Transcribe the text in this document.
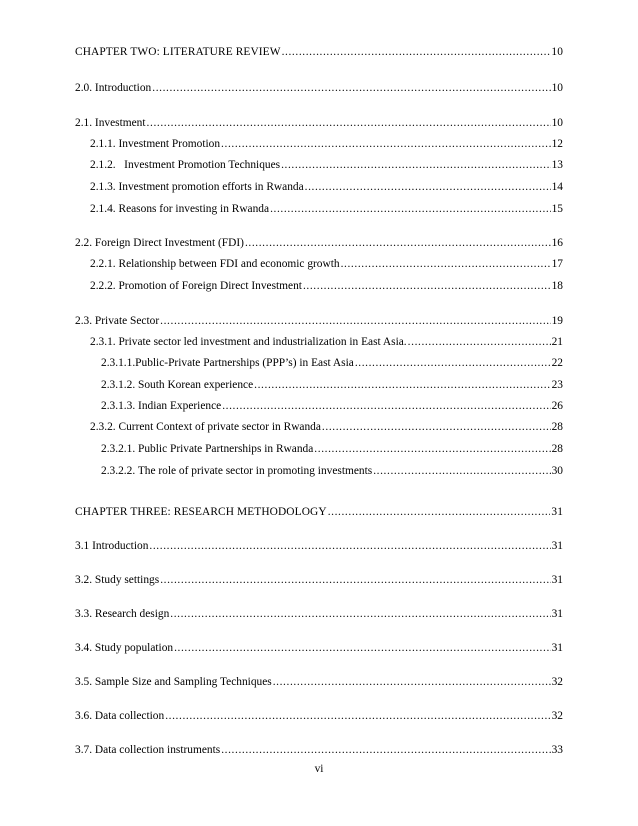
CHAPTER TWO: LITERATURE REVIEW .....	10
2.0. Introduction .....	10
2.1. Investment .....	10
2.1.1. Investment Promotion .....	12
2.1.2.   Investment Promotion Techniques .....	13
2.1.3. Investment promotion efforts in Rwanda .....	14
2.1.4. Reasons for investing in Rwanda .....	15
2.2. Foreign Direct Investment (FDI) .....	16
2.2.1. Relationship between FDI and economic growth .....	17
2.2.2. Promotion of Foreign Direct Investment .....	18
2.3. Private Sector .....	19
2.3.1. Private sector led investment and industrialization in East Asia. .....	21
2.3.1.1.Public-Private Partnerships (PPP’s) in East Asia .....	22
2.3.1.2. South Korean experience .....	23
2.3.1.3. Indian Experience .....	26
2.3.2. Current Context of private sector in Rwanda .....	28
2.3.2.1. Public Private Partnerships in Rwanda .....	28
2.3.2.2. The role of private sector in promoting investments .....	30
CHAPTER THREE: RESEARCH METHODOLOGY .....	31
3.1 Introduction .....	31
3.2. Study settings .....	31
3.3. Research design .....	31
3.4. Study population .....	31
3.5. Sample Size and Sampling Techniques .....	32
3.6. Data collection .....	32
3.7. Data collection instruments .....	33
vi
